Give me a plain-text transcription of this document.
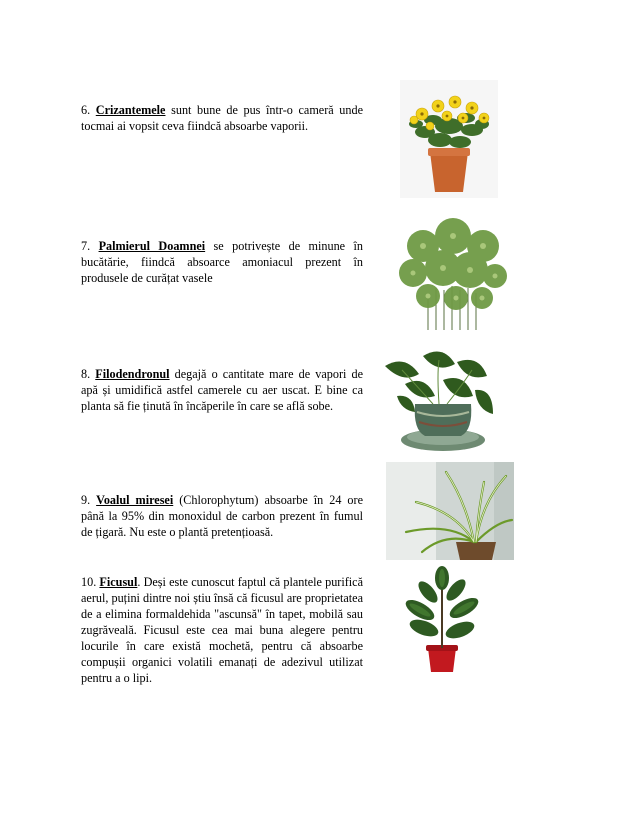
6. Crizantemele sunt bune de pus într-o cameră unde tocmai ai vopsit ceva fiindcă absoarbe vaporii.
7. Palmierul Doamnei se potrivește de minune în bucătărie, fiindcă absoarce amoniacul prezent în produsele de curățat vasele
8. Filodendronul degajă o cantitate mare de vapori de apă și umidifică astfel camerele cu aer uscat. E bine ca planta să fie ținută în încăperile în care se află sobe.
9. Voalul miresei (Chlorophytum) absoarbe în 24 ore până la 95% din monoxidul de carbon prezent în fumul de țigară. Nu este o plantă pretențioasă.
10. Ficusul. Deși este cunoscut faptul că plantele purifică aerul, puțini dintre noi știu însă că ficusul are proprietatea de a elimina formaldehida "ascunsă" în tapet, mobilă sau zugrăveală. Ficusul este cea mai buna alegere pentru locurile în care există mochetă, pentru că absoarbe compușii organici volatili emanați de adezivul utilizat pentru a o lipi.
